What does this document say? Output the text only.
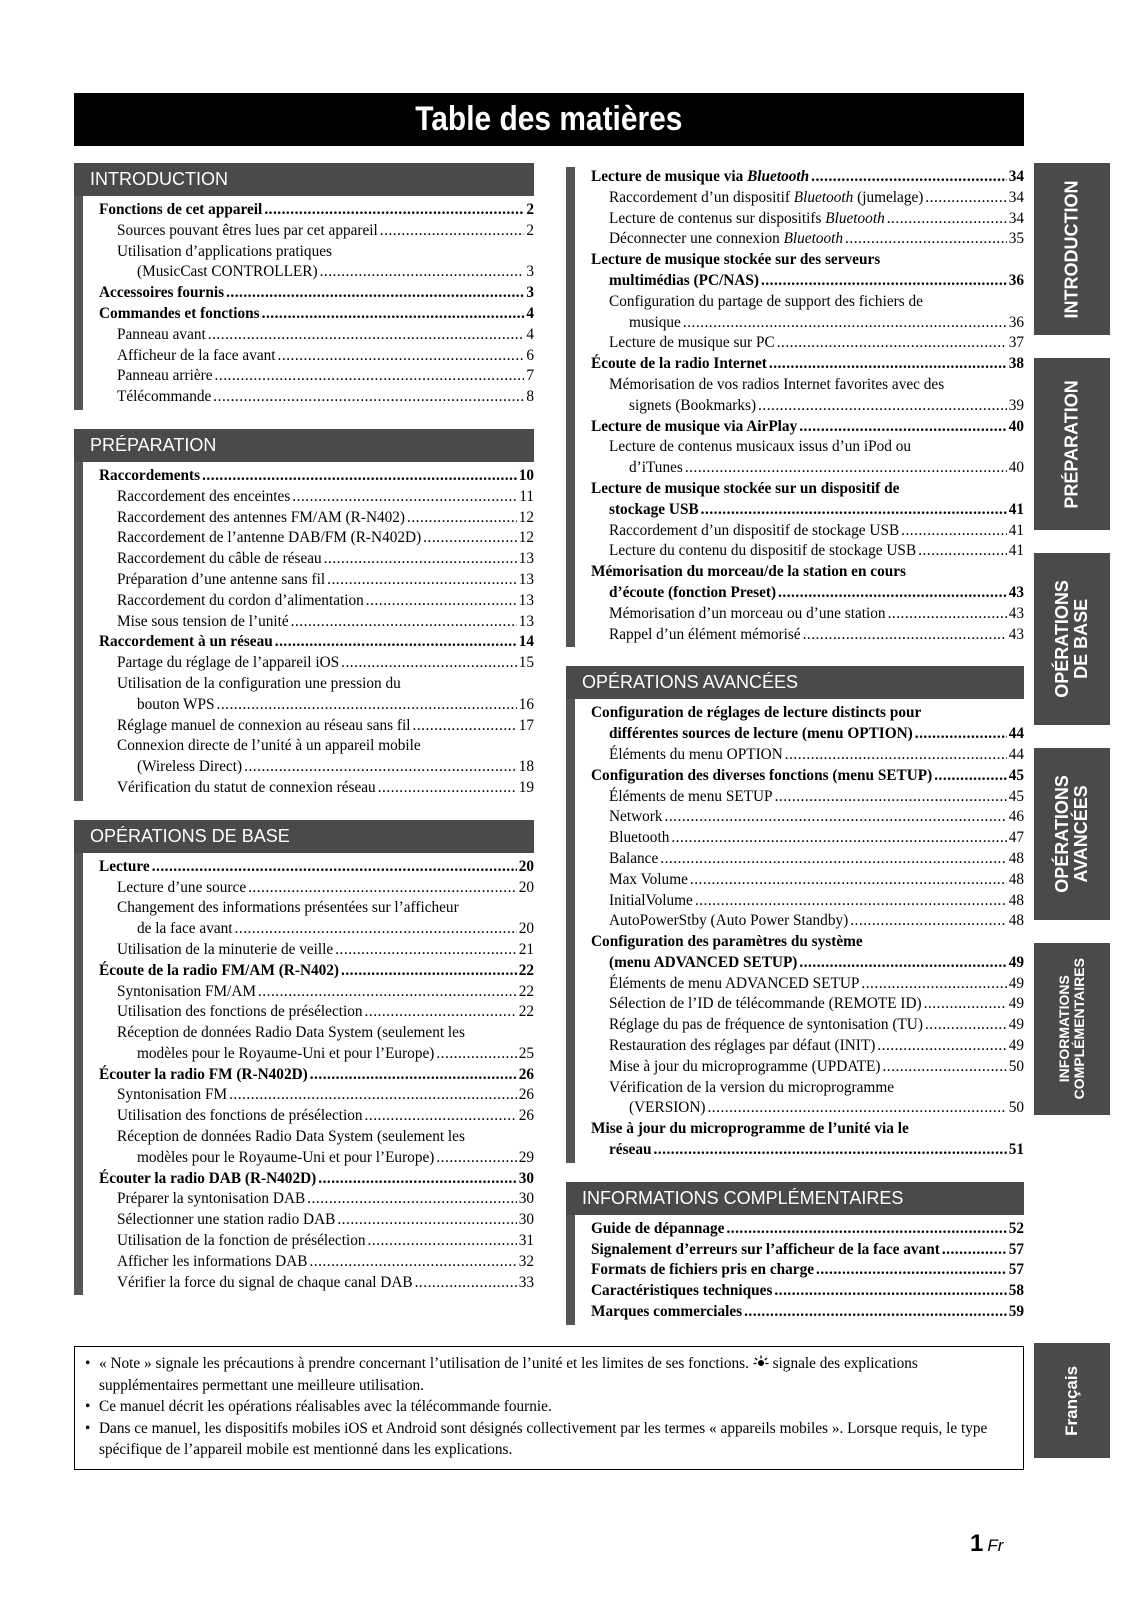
Table des matières
INTRODUCTION
Fonctions de cet appareil .....	2
Sources pouvant êtres lues par cet appareil .....	2
Utilisation d’applications pratiques
(MusicCast CONTROLLER) .....	3
Accessoires fournis .....	3
Commandes et fonctions .....	4
Panneau avant .....	4
Afficheur de la face avant .....	6
Panneau arrière .....	7
Télécommande .....	8
PRÉPARATION
Raccordements .....	10
Raccordement des enceintes .....	11
Raccordement des antennes FM/AM (R-N402) .....	12
Raccordement de l’antenne DAB/FM (R-N402D) .....	12
Raccordement du câble de réseau .....	13
Préparation d’une antenne sans fil .....	13
Raccordement du cordon d’alimentation .....	13
Mise sous tension de l’unité .....	13
Raccordement à un réseau .....	14
Partage du réglage de l’appareil iOS .....	15
Utilisation de la configuration une pression du
bouton WPS .....	16
Réglage manuel de connexion au réseau sans fil .....	17
Connexion directe de l’unité à un appareil mobile
(Wireless Direct) .....	18
Vérification du statut de connexion réseau .....	19
OPÉRATIONS DE BASE
Lecture .....	20
Lecture d’une source .....	20
Changement des informations présentées sur l’afficheur
de la face avant .....	20
Utilisation de la minuterie de veille .....	21
Écoute de la radio FM/AM (R-N402) .....	22
Syntonisation FM/AM .....	22
Utilisation des fonctions de présélection .....	22
Réception de données Radio Data System (seulement les
modèles pour le Royaume-Uni et pour l’Europe) .....	25
Écouter la radio FM (R-N402D) .....	26
Syntonisation FM .....	26
Utilisation des fonctions de présélection .....	26
Réception de données Radio Data System (seulement les
modèles pour le Royaume-Uni et pour l’Europe) .....	29
Écouter la radio DAB (R-N402D) .....	30
Préparer la syntonisation DAB .....	30
Sélectionner une station radio DAB .....	30
Utilisation de la fonction de présélection .....	31
Afficher les informations DAB .....	32
Vérifier la force du signal de chaque canal DAB .....	33
Lecture de musique via Bluetooth .....	34
Raccordement d’un dispositif Bluetooth (jumelage) .....	34
Lecture de contenus sur dispositifs Bluetooth .....	34
Déconnecter une connexion Bluetooth .....	35
Lecture de musique stockée sur des serveurs
multimédias (PC/NAS) .....	36
Configuration du partage de support des fichiers de
musique .....	36
Lecture de musique sur PC .....	37
Écoute de la radio Internet .....	38
Mémorisation de vos radios Internet favorites avec des
signets (Bookmarks) .....	39
Lecture de musique via AirPlay .....	40
Lecture de contenus musicaux issus d’un iPod ou
d’iTunes .....	40
Lecture de musique stockée sur un dispositif de
stockage USB .....	41
Raccordement d’un dispositif de stockage USB .....	41
Lecture du contenu du dispositif de stockage USB .....	41
Mémorisation du morceau/de la station en cours
d’écoute (fonction Preset) .....	43
Mémorisation d’un morceau ou d’une station .....	43
Rappel d’un élément mémorisé .....	43
OPÉRATIONS AVANCÉES
Configuration de réglages de lecture distincts pour
différentes sources de lecture (menu OPTION) .....	44
Éléments du menu OPTION .....	44
Configuration des diverses fonctions (menu SETUP) .....	45
Éléments de menu SETUP .....	45
Network .....	46
Bluetooth .....	47
Balance .....	48
Max Volume .....	48
InitialVolume .....	48
AutoPowerStby (Auto Power Standby) .....	48
Configuration des paramètres du système
(menu ADVANCED SETUP) .....	49
Éléments de menu ADVANCED SETUP .....	49
Sélection de l’ID de télécommande (REMOTE ID) .....	49
Réglage du pas de fréquence de syntonisation (TU) .....	49
Restauration des réglages par défaut (INIT) .....	49
Mise à jour du microprogramme (UPDATE) .....	50
Vérification de la version du microprogramme
(VERSION) .....	50
Mise à jour du microprogramme de l’unité via le
réseau .....	51
INFORMATIONS COMPLÉMENTAIRES
Guide de dépannage .....	52
Signalement d’erreurs sur l’afficheur de la face avant .....	57
Formats de fichiers pris en charge .....	57
Caractéristiques techniques .....	58
Marques commerciales .....	59
INTRODUCTION
PRÉPARATION
OPÉRATIONS DE BASE
OPÉRATIONS AVANCÉES
INFORMATIONS COMPLÉMENTAIRES
Français
• « Note » signale les précautions à prendre concernant l’utilisation de l’unité et les limites de ses fonctions. signale des explications supplémentaires permettant une meilleure utilisation.
• Ce manuel décrit les opérations réalisables avec la télécommande fournie.
• Dans ce manuel, les dispositifs mobiles iOS et Android sont désignés collectivement par les termes « appareils mobiles ». Lorsque requis, le type spécifique de l’appareil mobile est mentionné dans les explications.
1 Fr
